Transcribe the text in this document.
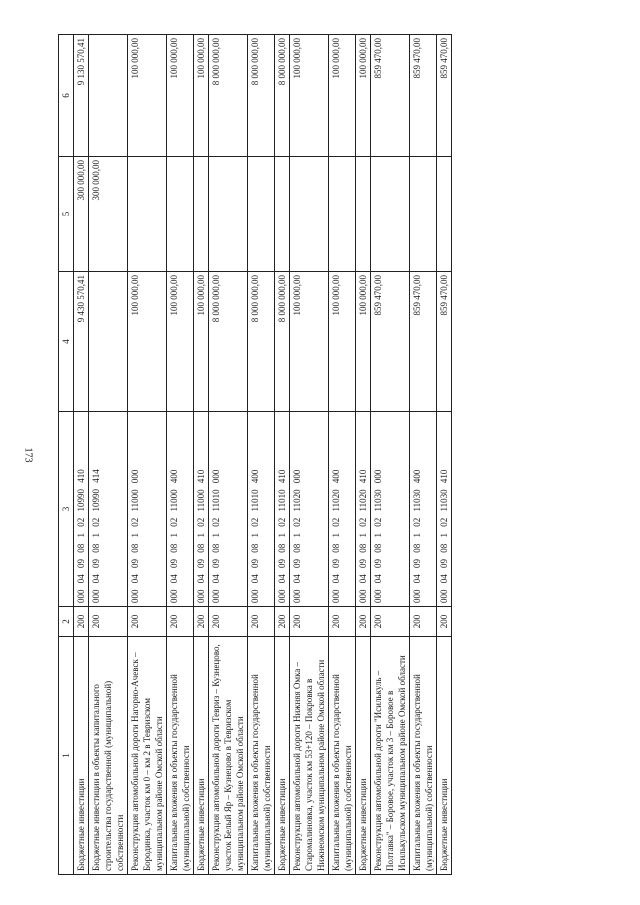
173
1	2	3	4	5	6
Бюджетные инвестиции	200	000 04 09 08 1 02 10990 410	9 430 570,41	300 000,00	9 130 570,41
Бюджетные инвестиции в объекты капитального строительства государственной (муниципальной) собственности	200	000 04 09 08 1 02 10990 414		300 000,00	
Реконструкция автомобильной дороги Нагорно-Ачевск – Бородинка, участок км 0 – км 2 в Тевризском муниципальном районе Омской области	200	000 04 09 08 1 02 11000 000	100 000,00		100 000,00
Капитальные вложения в объекты государственной (муниципальной) собственности	200	000 04 09 08 1 02 11000 400	100 000,00		100 000,00
Бюджетные инвестиции	200	000 04 09 08 1 02 11000 410	100 000,00		100 000,00
Реконструкция автомобильной дороги Тевриз – Кузнецово, участок Белый Яр – Кузнецово в Тевризском муниципальном районе Омской области	200	000 04 09 08 1 02 11010 000	8 000 000,00		8 000 000,00
Капитальные вложения в объекты государственной (муниципальной) собственности	200	000 04 09 08 1 02 11010 400	8 000 000,00		8 000 000,00
Бюджетные инвестиции	200	000 04 09 08 1 02 11010 410	8 000 000,00		8 000 000,00
Реконструкция автомобильной дороги Нижняя Омка – Старомалиновка, участок км 53+120 – Покровка в Нижнеомском муниципальном районе Омской области	200	000 04 09 08 1 02 11020 000	100 000,00		100 000,00
Капитальные вложения в объекты государственной (муниципальной) собственности	200	000 04 09 08 1 02 11020 400	100 000,00		100 000,00
Бюджетные инвестиции	200	000 04 09 08 1 02 11020 410	100 000,00		100 000,00
Реконструкция автомобильной дороги "Исилькуль – Полтавка" – Боровое, участок км 3 – Боровое в Исилькульском муниципальном районе Омской области	200	000 04 09 08 1 02 11030 000	859 470,00		859 470,00
Капитальные вложения в объекты государственной (муниципальной) собственности	200	000 04 09 08 1 02 11030 400	859 470,00		859 470,00
Бюджетные инвестиции	200	000 04 09 08 1 02 11030 410	859 470,00		859 470,00
